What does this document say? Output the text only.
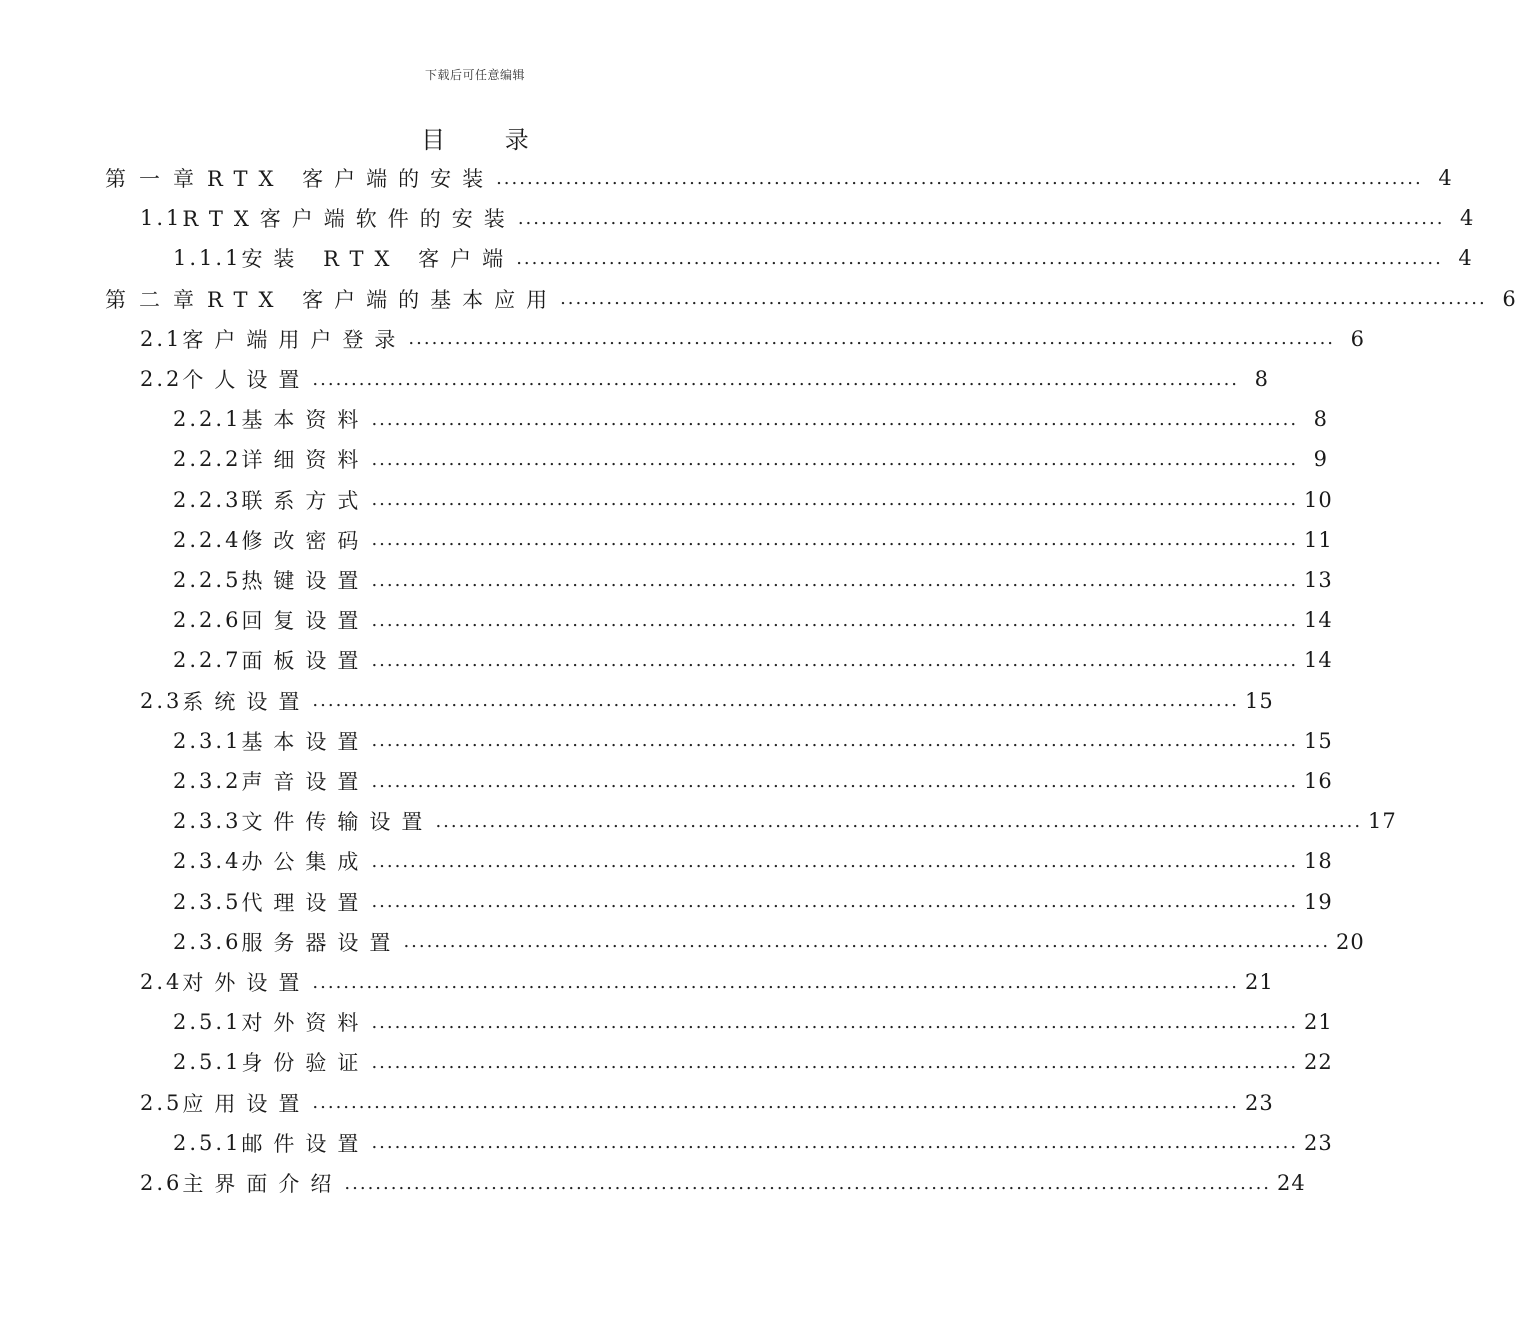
下载后可任意编辑
目 录
第一章 RTX 客户端的安装 ........................................................................................................................ 4
1.1 RTX客户端软件的安装 ........................................................................................................................ 4
1.1.1 安装 RTX 客户端 ........................................................................................................................ 4
第二章 RTX 客户端的基本应用 ........................................................................................................................ 6
2.1 客户端用户登录 ........................................................................................................................ 6
2.2 个人设置 ........................................................................................................................ 8
2.2.1 基本资料 ........................................................................................................................ 8
2.2.2 详细资料 ........................................................................................................................ 9
2.2.3 联系方式 ........................................................................................................................ 10
2.2.4 修改密码 ........................................................................................................................ 11
2.2.5 热键设置 ........................................................................................................................ 13
2.2.6 回复设置 ........................................................................................................................ 14
2.2.7 面板设置 ........................................................................................................................ 14
2.3 系统设置 ........................................................................................................................ 15
2.3.1 基本设置 ........................................................................................................................ 15
2.3.2 声音设置 ........................................................................................................................ 16
2.3.3 文件传输设置 ........................................................................................................................ 17
2.3.4 办公集成 ........................................................................................................................ 18
2.3.5 代理设置 ........................................................................................................................ 19
2.3.6 服务器设置 ........................................................................................................................ 20
2.4 对外设置 ........................................................................................................................ 21
2.5.1 对外资料 ........................................................................................................................ 21
2.5.1 身份验证 ........................................................................................................................ 22
2.5 应用设置 ........................................................................................................................ 23
2.5.1 邮件设置 ........................................................................................................................ 23
2.6 主界面介绍 ........................................................................................................................ 24
